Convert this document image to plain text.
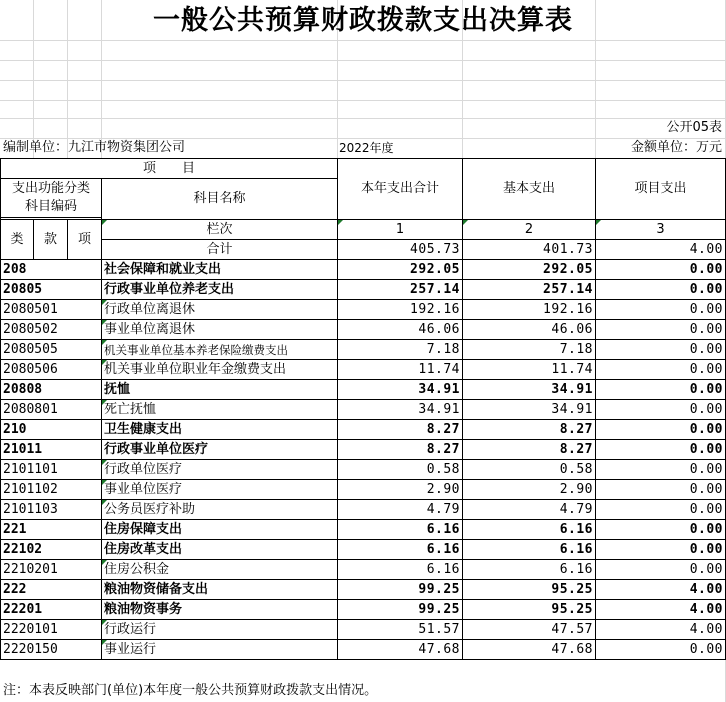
一般公共预算财政拨款支出决算表
公开05表
编制单位：九江市物资集团公司	2022年度	金额单位：万元
项　　目				本年支出合计	基本支出	项目支出
支出功能分类
科目编码			科目名称			

类	款	项	栏次	1	2	3
			合计	405.73	401.73	4.00
208			社会保障和就业支出	292.05	292.05	0.00
20805			行政事业单位养老支出	257.14	257.14	0.00
2080501			行政单位离退休	192.16	192.16	0.00
2080502			事业单位离退休	46.06	46.06	0.00
2080505			机关事业单位基本养老保险缴费支出	7.18	7.18	0.00
2080506			机关事业单位职业年金缴费支出	11.74	11.74	0.00
20808			抚恤	34.91	34.91	0.00
2080801			死亡抚恤	34.91	34.91	0.00
210			卫生健康支出	8.27	8.27	0.00
21011			行政事业单位医疗	8.27	8.27	0.00
2101101			行政单位医疗	0.58	0.58	0.00
2101102			事业单位医疗	2.90	2.90	0.00
2101103			公务员医疗补助	4.79	4.79	0.00
221			住房保障支出	6.16	6.16	0.00
22102			住房改革支出	6.16	6.16	0.00
2210201			住房公积金	6.16	6.16	0.00
222			粮油物资储备支出	99.25	95.25	4.00
22201			粮油物资事务	99.25	95.25	4.00
2220101			行政运行	51.57	47.57	4.00
2220150			事业运行	47.68	47.68	0.00
注：本表反映部门(单位)本年度一般公共预算财政拨款支出情况。
